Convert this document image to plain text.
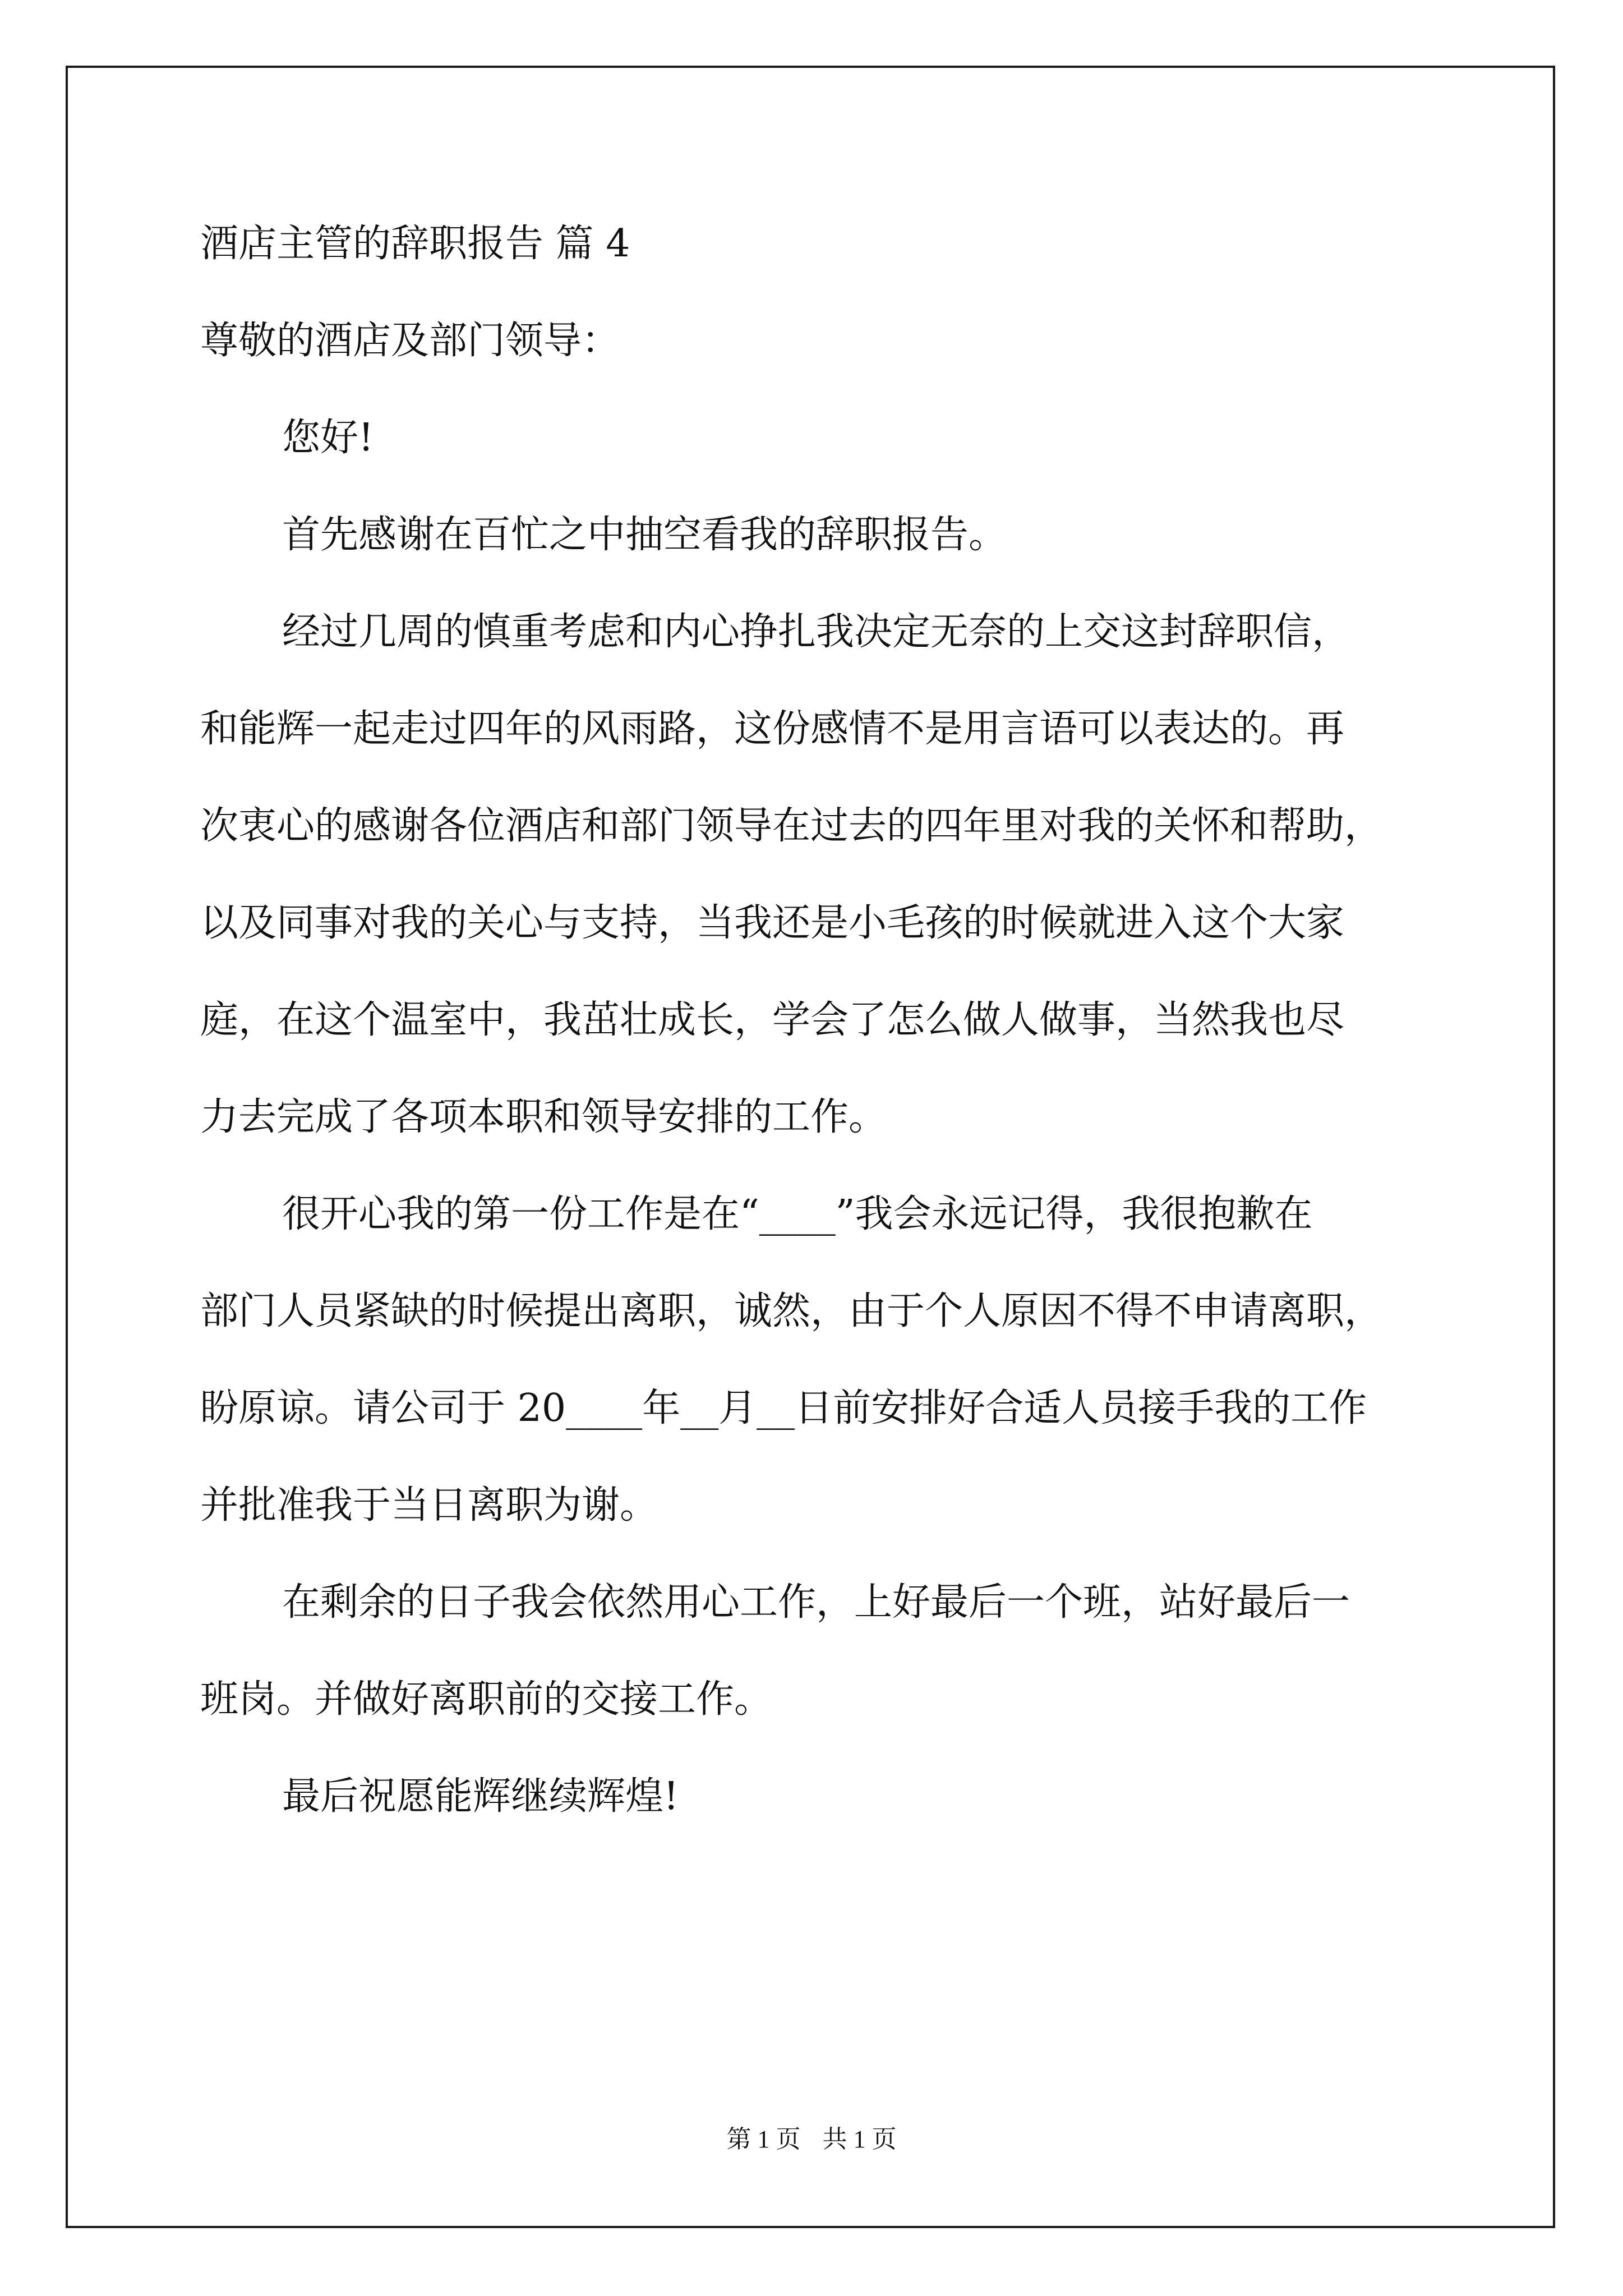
酒店主管的辞职报告 篇 4
尊敬的酒店及部门领导：
您好!
首先感谢在百忙之中抽空看我的辞职报告。
经过几周的慎重考虑和内心挣扎我决定无奈的上交这封辞职信，
和能辉一起走过四年的风雨路，这份感情不是用言语可以表达的。再
次衷心的感谢各位酒店和部门领导在过去的四年里对我的关怀和帮助，
以及同事对我的关心与支持，当我还是小毛孩的时候就进入这个大家
庭，在这个温室中，我茁壮成长，学会了怎么做人做事，当然我也尽
力去完成了各项本职和领导安排的工作。
很开心我的第一份工作是在“____”我会永远记得，我很抱歉在
部门人员紧缺的时候提出离职，诚然，由于个人原因不得不申请离职，
盼原谅。请公司于 20____年__月__日前安排好合适人员接手我的工作
并批准我于当日离职为谢。
在剩余的日子我会依然用心工作，上好最后一个班，站好最后一
班岗。并做好离职前的交接工作。
最后祝愿能辉继续辉煌!
第 1 页 共 1 页
